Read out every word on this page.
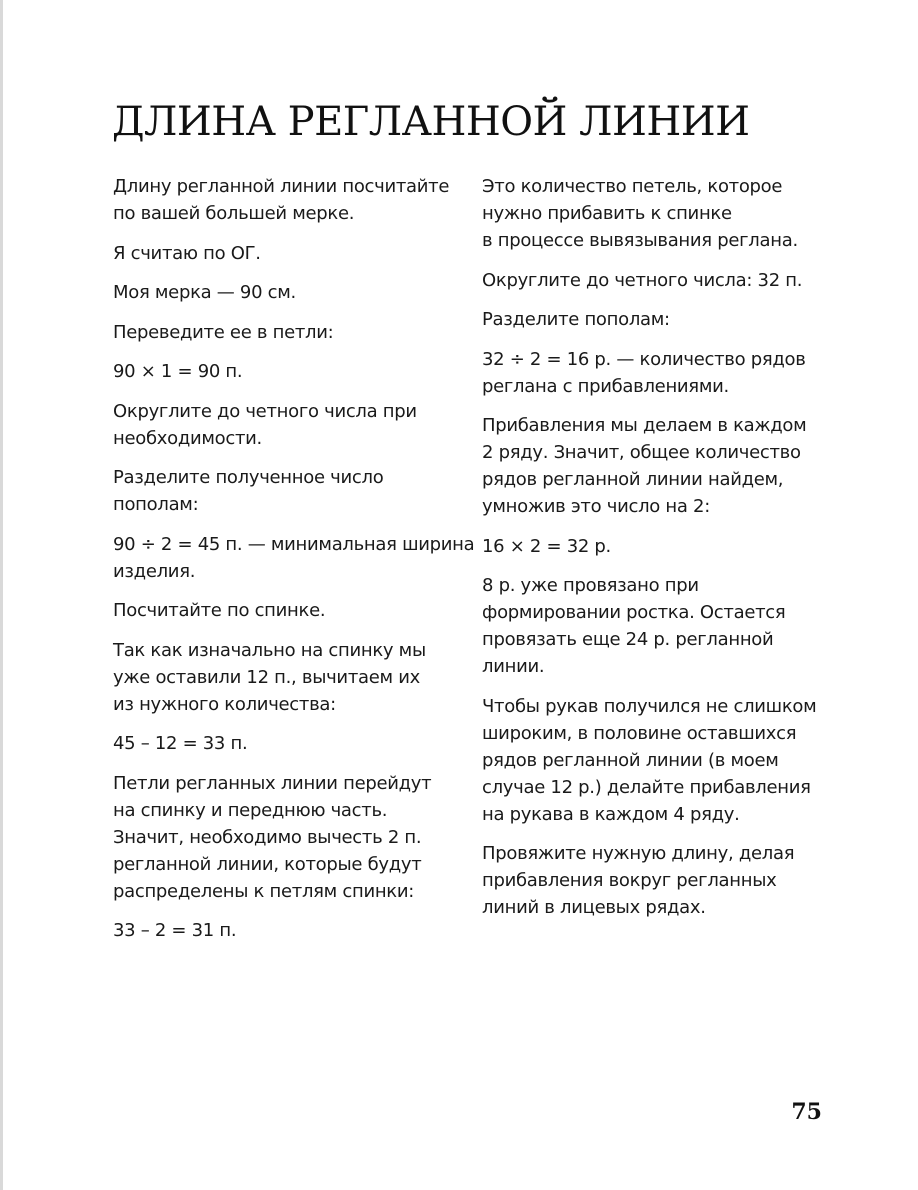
ДЛИНА РЕГЛАННОЙ ЛИНИИ

Длину регланной линии посчитайте
по вашей большей мерке.

Я считаю по ОГ.

Моя мерка — 90 см.

Переведите ее в петли:

90 × 1 = 90 п.

Округлите до четного числа при
необходимости.

Разделите полученное число
пополам:

90 ÷ 2 = 45 п. — минимальная ширина
изделия.

Посчитайте по спинке.

Так как изначально на спинку мы
уже оставили 12 п., вычитаем их
из нужного количества:

45 – 12 = 33 п.

Петли регланных линии перейдут
на спинку и переднюю часть.
Значит, необходимо вычесть 2 п.
регланной линии, которые будут
распределены к петлям спинки:

33 – 2 = 31 п.

Это количество петель, которое
нужно прибавить к спинке
в процессе вывязывания реглана.

Округлите до четного числа: 32 п.

Разделите пополам:

32 ÷ 2 = 16 р. — количество рядов
реглана с прибавлениями.

Прибавления мы делаем в каждом
2 ряду. Значит, общее количество
рядов регланной линии найдем,
умножив это число на 2:

16 × 2 = 32 р.

8 р. уже провязано при
формировании ростка. Остается
провязать еще 24 р. регланной
линии.

Чтобы рукав получился не слишком
широким, в половине оставшихся
рядов регланной линии (в моем
случае 12 р.) делайте прибавления
на рукава в каждом 4 ряду.

Провяжите нужную длину, делая
прибавления вокруг регланных
линий в лицевых рядах.

75
